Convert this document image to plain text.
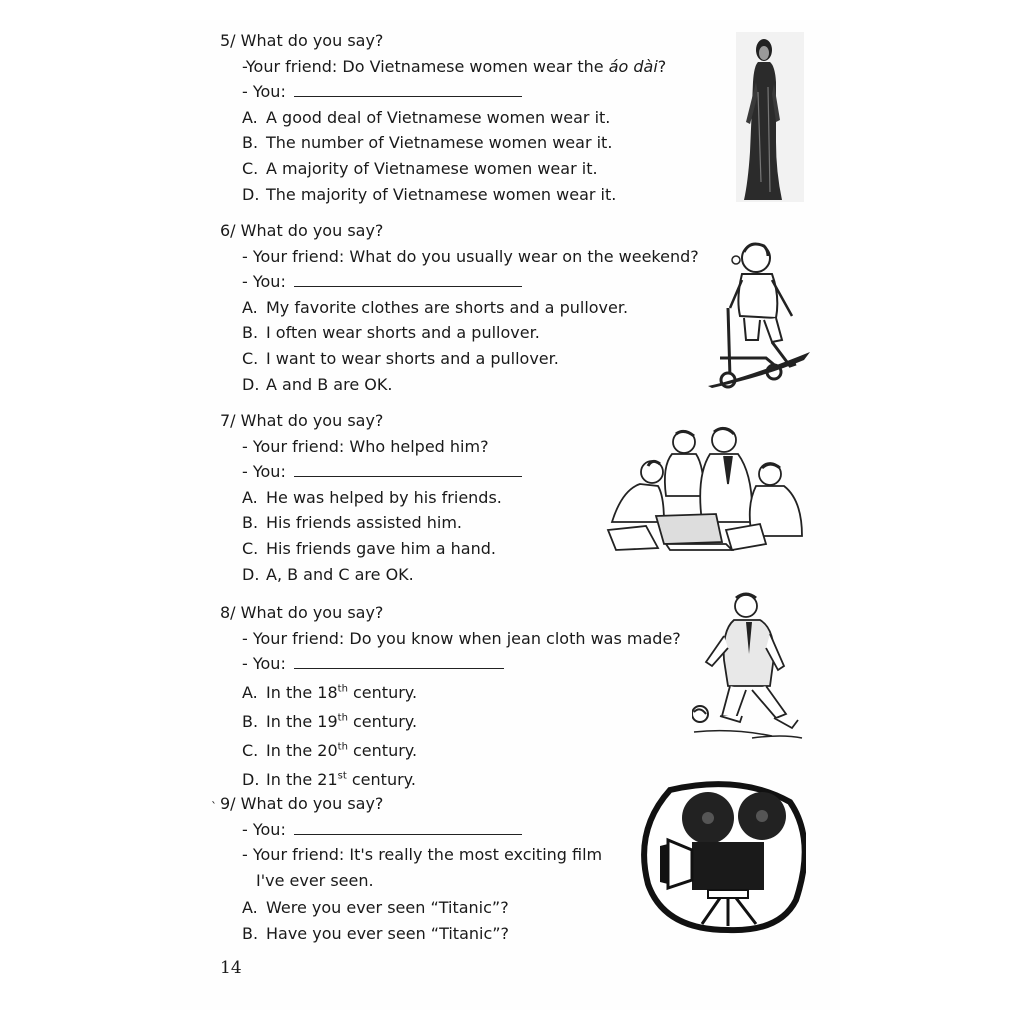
5/ What do you say?
-Your friend: Do Vietnamese women wear the áo dài?
- You:
A. A good deal of Vietnamese women wear it.
B. The number of Vietnamese women wear it.
C. A majority of Vietnamese women wear it.
D. The majority of Vietnamese women wear it.
6/ What do you say?
- Your friend: What do you usually wear on the weekend?
- You:
A. My favorite clothes are shorts and a pullover.
B. I often wear shorts and a pullover.
C. I want to wear shorts and a pullover.
D. A and B are OK.
7/ What do you say?
- Your friend: Who helped him?
- You:
A. He was helped by his friends.
B. His friends assisted him.
C. His friends gave him a hand.
D. A, B and C are OK.
8/ What do you say?
- Your friend: Do you know when jean cloth was made?
- You:
A. In the 18th century.
B. In the 19th century.
C. In the 20th century.
D. In the 21st century.
` 9/ What do you say?
- You:
- Your friend: It's really the most exciting film
I've ever seen.
A. Were you ever seen “Titanic”?
B. Have you ever seen “Titanic”?
14
